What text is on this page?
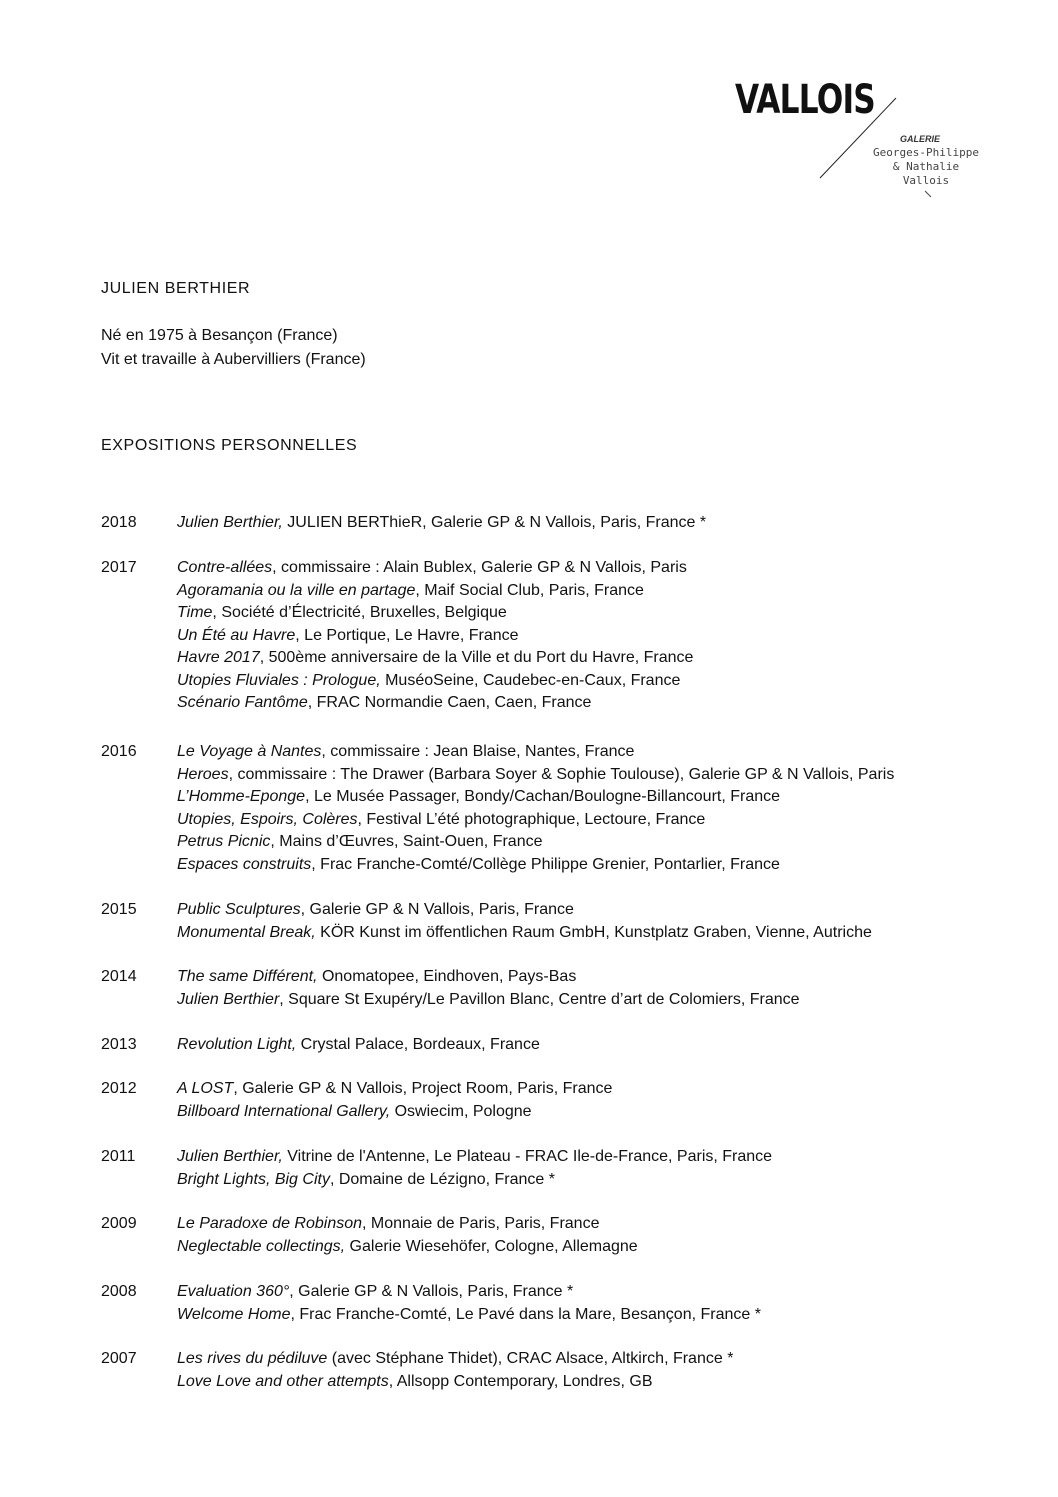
VALLOIS
GALERIE
Georges-Philippe
& Nathalie
Vallois
JULIEN BERTHIER
Né en 1975 à Besançon (France)
Vit et travaille à Aubervilliers (France)
EXPOSITIONS PERSONNELLES
2018	Julien Berthier, JULIEN BERThieR, Galerie GP & N Vallois, Paris, France *
2017	Contre-allées, commissaire : Alain Bublex, Galerie GP & N Vallois, Paris
Agoramania ou la ville en partage, Maif Social Club, Paris, France
Time, Société d’Électricité, Bruxelles, Belgique
Un Été au Havre, Le Portique, Le Havre, France
Havre 2017, 500ème anniversaire de la Ville et du Port du Havre, France
Utopies Fluviales : Prologue, MuséoSeine, Caudebec-en-Caux, France
Scénario Fantôme, FRAC Normandie Caen, Caen, France
2016	Le Voyage à Nantes, commissaire : Jean Blaise, Nantes, France
Heroes, commissaire : The Drawer (Barbara Soyer & Sophie Toulouse), Galerie GP & N Vallois, Paris
L’Homme-Eponge, Le Musée Passager, Bondy/Cachan/Boulogne-Billancourt, France
Utopies, Espoirs, Colères, Festival L’été photographique, Lectoure, France
Petrus Picnic, Mains d’Œuvres, Saint-Ouen, France
Espaces construits, Frac Franche-Comté/Collège Philippe Grenier, Pontarlier, France
2015	Public Sculptures, Galerie GP & N Vallois, Paris, France
Monumental Break, KÖR Kunst im öffentlichen Raum GmbH, Kunstplatz Graben, Vienne, Autriche
2014	The same Différent, Onomatopee, Eindhoven, Pays-Bas
Julien Berthier, Square St Exupéry/Le Pavillon Blanc, Centre d’art de Colomiers, France
2013	Revolution Light, Crystal Palace, Bordeaux, France
2012	A LOST, Galerie GP & N Vallois, Project Room, Paris, France
Billboard International Gallery, Oswiecim, Pologne
2011	Julien Berthier, Vitrine de l'Antenne, Le Plateau - FRAC Ile-de-France, Paris, France
Bright Lights, Big City, Domaine de Lézigno, France *
2009	Le Paradoxe de Robinson, Monnaie de Paris, Paris, France
Neglectable collectings, Galerie Wiesehöfer, Cologne, Allemagne
2008	Evaluation 360°, Galerie GP & N Vallois, Paris, France *
Welcome Home, Frac Franche-Comté, Le Pavé dans la Mare, Besançon, France *
2007	Les rives du pédiluve (avec Stéphane Thidet), CRAC Alsace, Altkirch, France *
Love Love and other attempts, Allsopp Contemporary, Londres, GB
